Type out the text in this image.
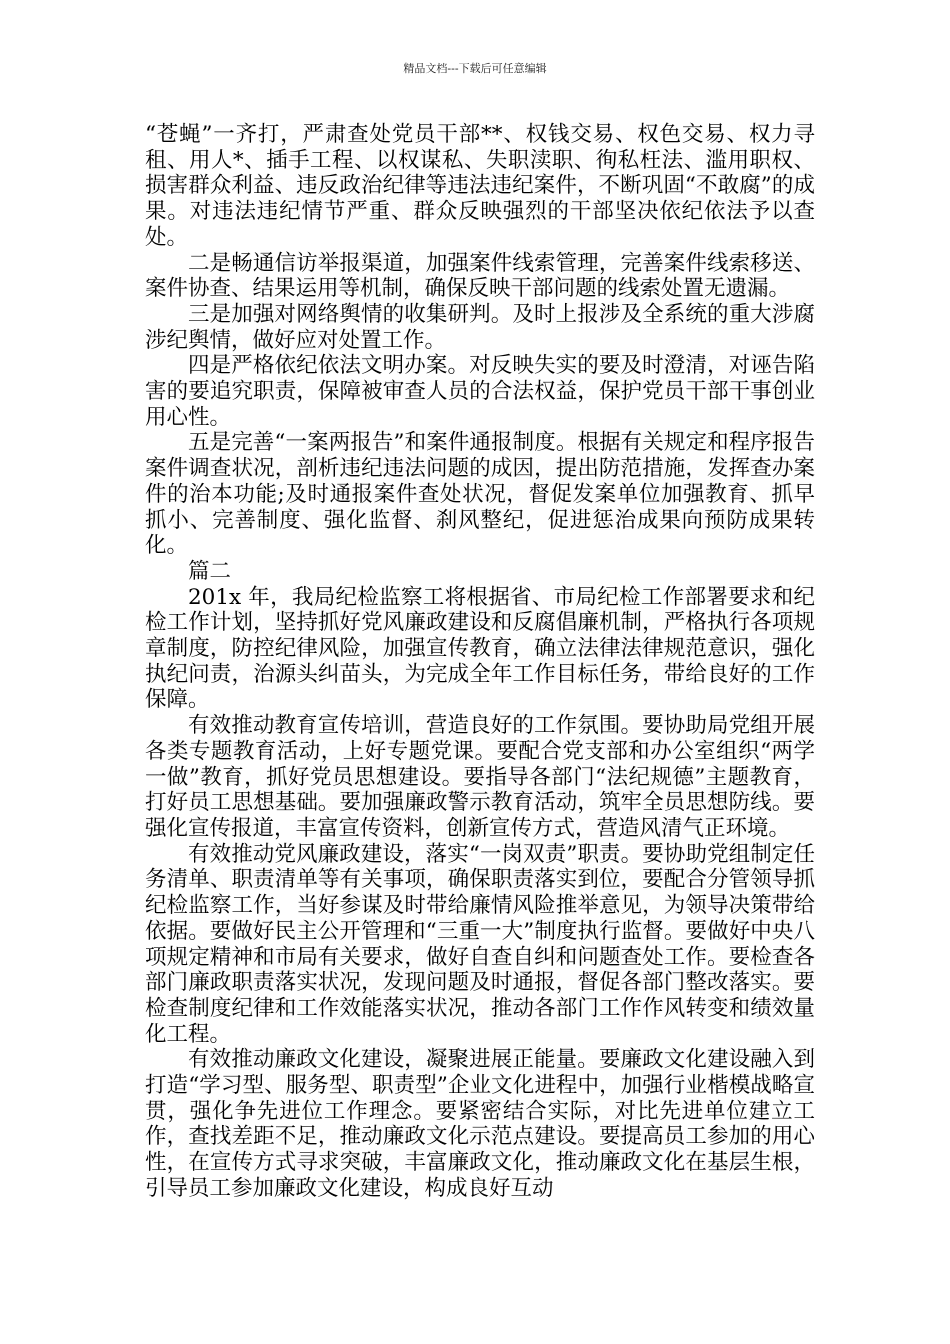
精品文档---下载后可任意编辑

“苍蝇”一齐打，严肃查处党员干部**、权钱交易、权色交易、权力寻租、用人*、插手工程、以权谋私、失职渎职、徇私枉法、滥用职权、损害群众利益、违反政治纪律等违法违纪案件，不断巩固“不敢腐”的成果。对违法违纪情节严重、群众反映强烈的干部坚决依纪依法予以查处。

二是畅通信访举报渠道，加强案件线索管理，完善案件线索移送、案件协查、结果运用等机制，确保反映干部问题的线索处置无遗漏。

三是加强对网络舆情的收集研判。及时上报涉及全系统的重大涉腐涉纪舆情，做好应对处置工作。

四是严格依纪依法文明办案。对反映失实的要及时澄清，对诬告陷害的要追究职责，保障被审查人员的合法权益，保护党员干部干事创业用心性。

五是完善“一案两报告”和案件通报制度。根据有关规定和程序报告案件调查状况，剖析违纪违法问题的成因，提出防范措施，发挥查办案件的治本功能;及时通报案件查处状况，督促发案单位加强教育、抓早抓小、完善制度、强化监督、刹风整纪，促进惩治成果向预防成果转化。

篇二

201x 年，我局纪检监察工将根据省、市局纪检工作部署要求和纪检工作计划，坚持抓好党风廉政建设和反腐倡廉机制，严格执行各项规章制度，防控纪律风险，加强宣传教育，确立法律法律规范意识，强化执纪问责，治源头纠苗头，为完成全年工作目标任务，带给良好的工作保障。

有效推动教育宣传培训，营造良好的工作氛围。要协助局党组开展各类专题教育活动，上好专题党课。要配合党支部和办公室组织“两学一做”教育，抓好党员思想建设。要指导各部门“法纪规德”主题教育，打好员工思想基础。要加强廉政警示教育活动，筑牢全员思想防线。要强化宣传报道，丰富宣传资料，创新宣传方式，营造风清气正环境。

有效推动党风廉政建设，落实“一岗双责”职责。要协助党组制定任务清单、职责清单等有关事项，确保职责落实到位，要配合分管领导抓纪检监察工作，当好参谋及时带给廉情风险推举意见，为领导决策带给依据。要做好民主公开管理和“三重一大”制度执行监督。要做好中央八项规定精神和市局有关要求，做好自查自纠和问题查处工作。要检查各部门廉政职责落实状况，发现问题及时通报，督促各部门整改落实。要检查制度纪律和工作效能落实状况，推动各部门工作作风转变和绩效量化工程。

有效推动廉政文化建设，凝聚进展正能量。要廉政文化建设融入到打造“学习型、服务型、职责型”企业文化进程中，加强行业楷模战略宣贯，强化争先进位工作理念。要紧密结合实际，对比先进单位建立工作，查找差距不足，推动廉政文化示范点建设。要提高员工参加的用心性，在宣传方式寻求突破，丰富廉政文化，推动廉政文化在基层生根，引导员工参加廉政文化建设，构成良好互动
